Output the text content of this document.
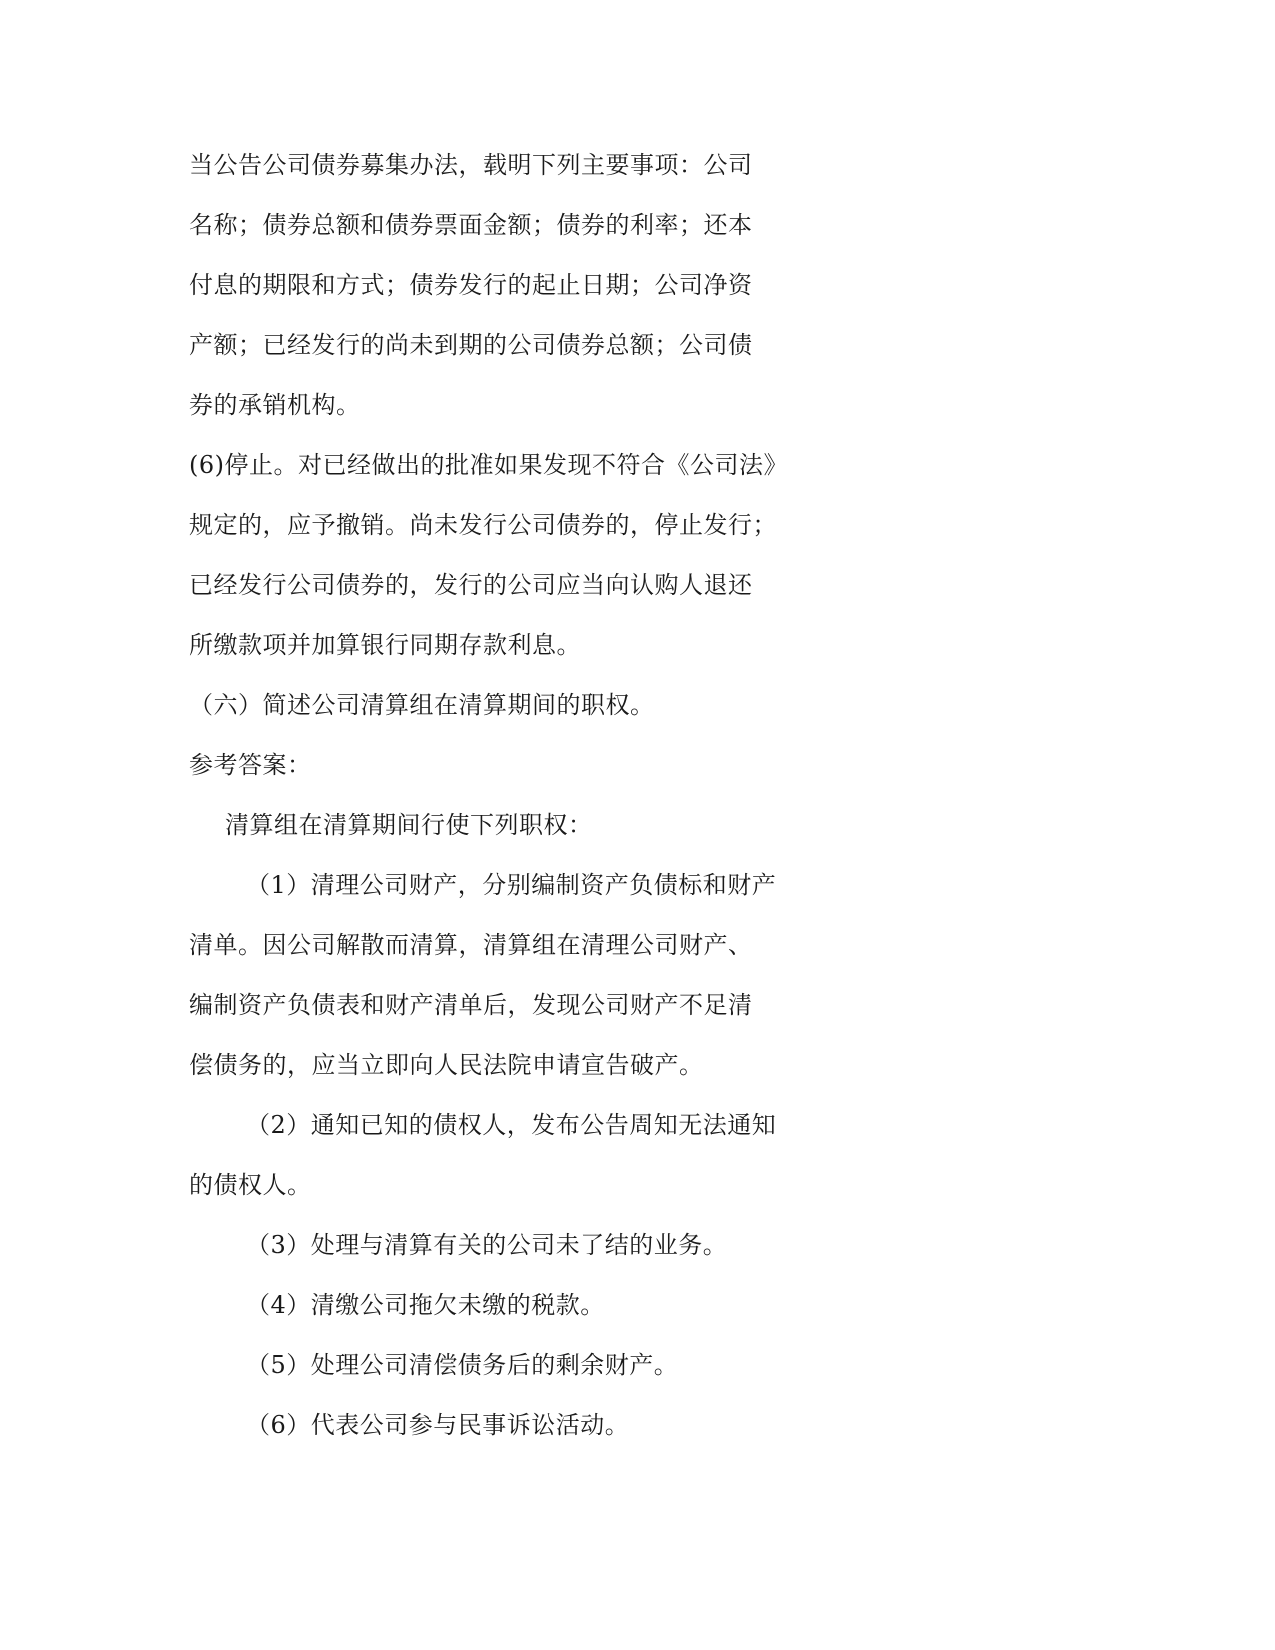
当公告公司债券募集办法，载明下列主要事项：公司
名称；债券总额和债券票面金额；债券的利率；还本
付息的期限和方式；债券发行的起止日期；公司净资
产额；已经发行的尚未到期的公司债券总额；公司债
券的承销机构。
(6)停止。对已经做出的批准如果发现不符合《公司法》
规定的，应予撤销。尚未发行公司债券的，停止发行；
已经发行公司债券的，发行的公司应当向认购人退还
所缴款项并加算银行同期存款利息。
（六）简述公司清算组在清算期间的职权。
参考答案：
清算组在清算期间行使下列职权：
（1）清理公司财产，分别编制资产负债标和财产
清单。因公司解散而清算，清算组在清理公司财产、
编制资产负债表和财产清单后，发现公司财产不足清
偿债务的，应当立即向人民法院申请宣告破产。
（2）通知已知的债权人，发布公告周知无法通知
的债权人。
（3）处理与清算有关的公司未了结的业务。
（4）清缴公司拖欠未缴的税款。
（5）处理公司清偿债务后的剩余财产。
（6）代表公司参与民事诉讼活动。
